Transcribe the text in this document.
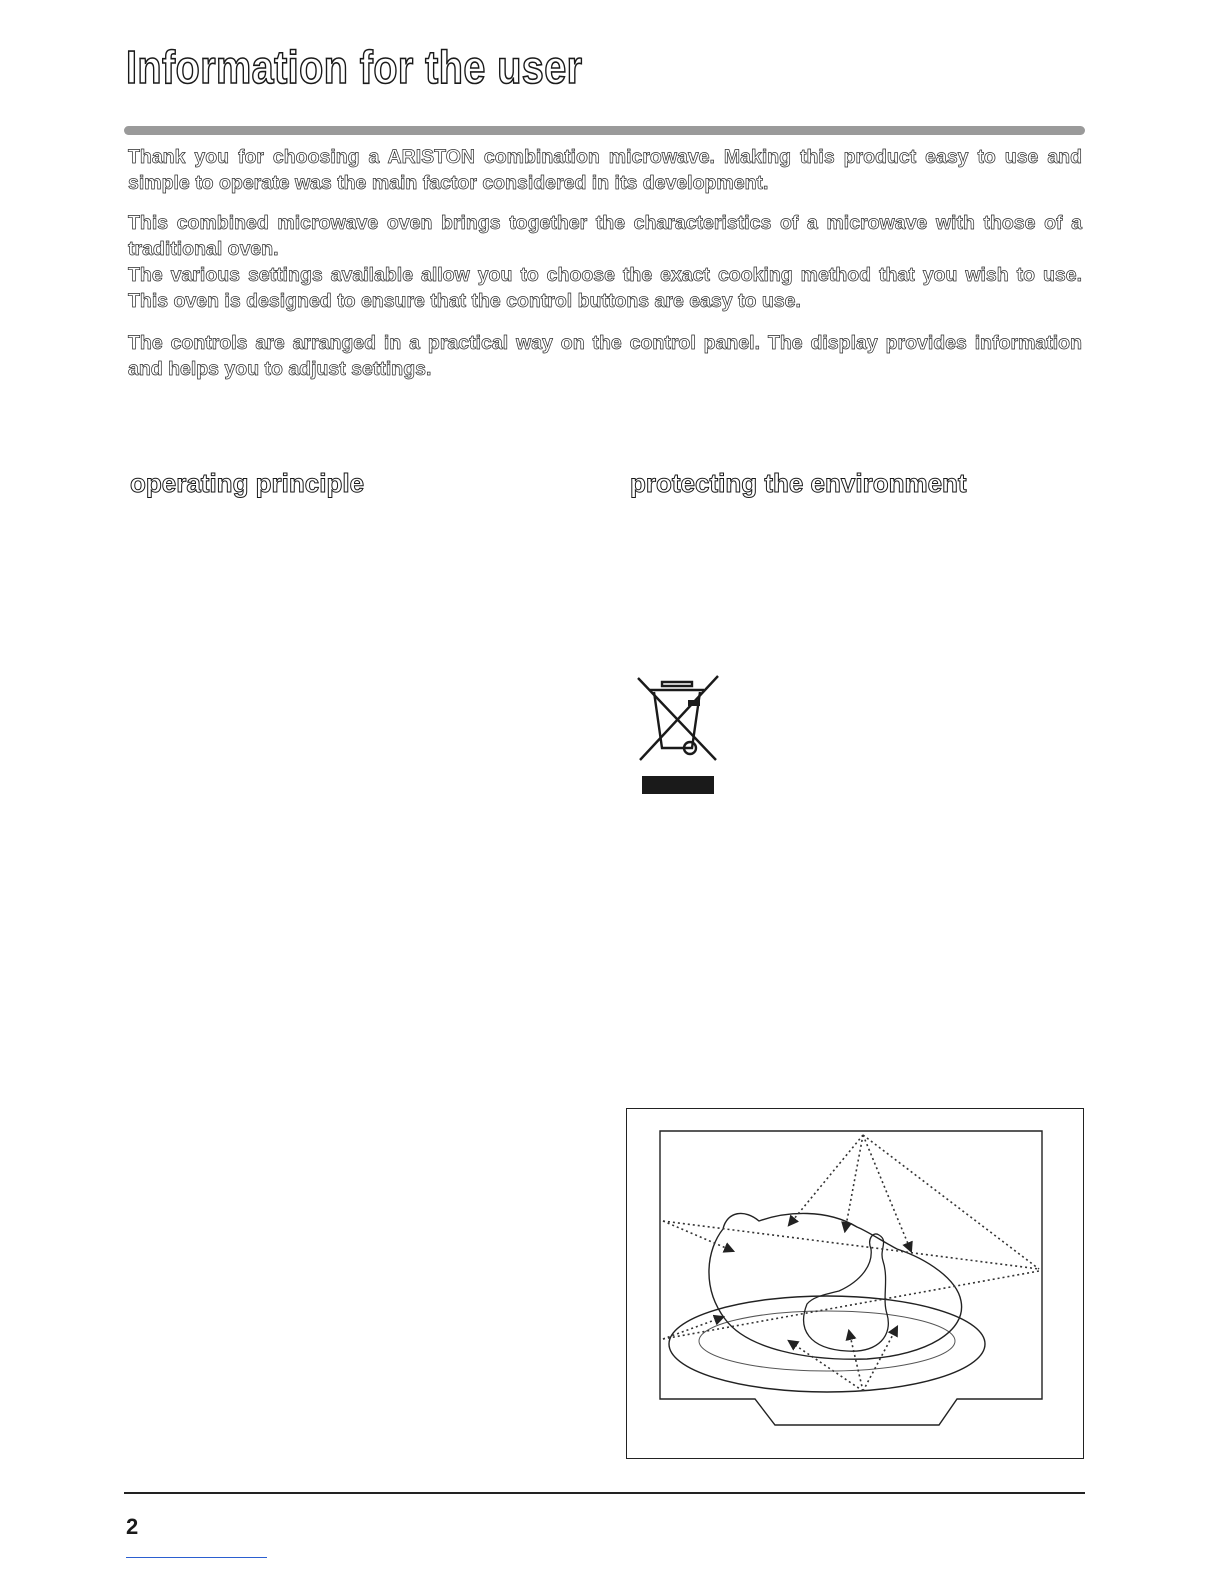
Information for the user

Thank you for choosing a ARISTON combination microwave. Making this product easy to use and simple to operate was the main factor considered in its development.

This combined microwave oven brings together the characteristics of a microwave with those of a traditional oven.

The various settings available allow you to choose the exact cooking method that you wish to use. This oven is designed to ensure that the control buttons are easy to use.

The controls are arranged in a practical way on the control panel. The display provides information and helps you to adjust settings.

operating principle	protecting the environment
2
